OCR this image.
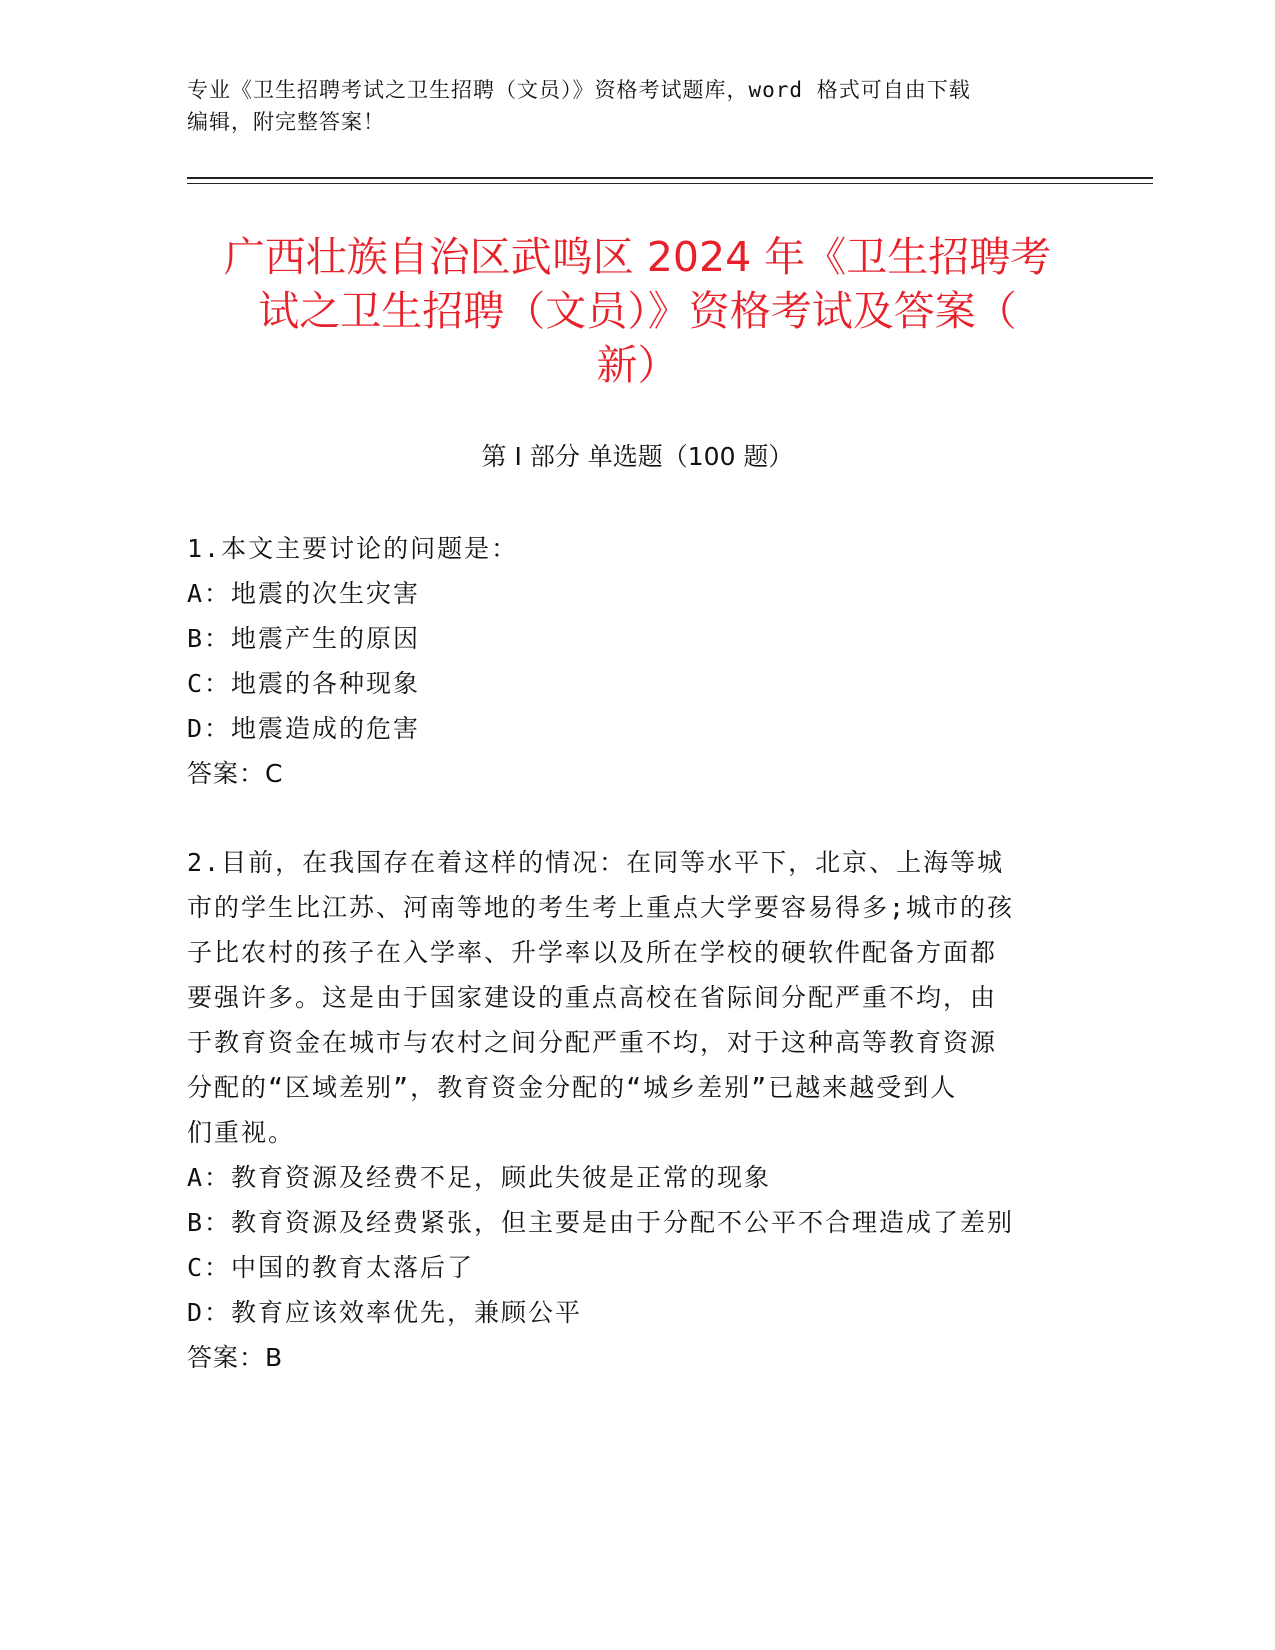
专业《卫生招聘考试之卫生招聘（文员）》资格考试题库，word 格式可自由下载
编辑，附完整答案！
广西壮族自治区武鸣区 2024 年《卫生招聘考
试之卫生招聘（文员）》资格考试及答案（
新）
第 I 部分 单选题（100 题）
1.本文主要讨论的问题是：
A：地震的次生灾害
B：地震产生的原因
C：地震的各种现象
D：地震造成的危害
答案：C
2.目前，在我国存在着这样的情况：在同等水平下，北京、上海等城
市的学生比江苏、河南等地的考生考上重点大学要容易得多;城市的孩
子比农村的孩子在入学率、升学率以及所在学校的硬软件配备方面都
要强许多。这是由于国家建设的重点高校在省际间分配严重不均，由
于教育资金在城市与农村之间分配严重不均，对于这种高等教育资源
分配的“区域差别”，教育资金分配的“城乡差别”已越来越受到人
们重视。
A：教育资源及经费不足，顾此失彼是正常的现象
B：教育资源及经费紧张，但主要是由于分配不公平不合理造成了差别
C：中国的教育太落后了
D：教育应该效率优先，兼顾公平
答案：B
